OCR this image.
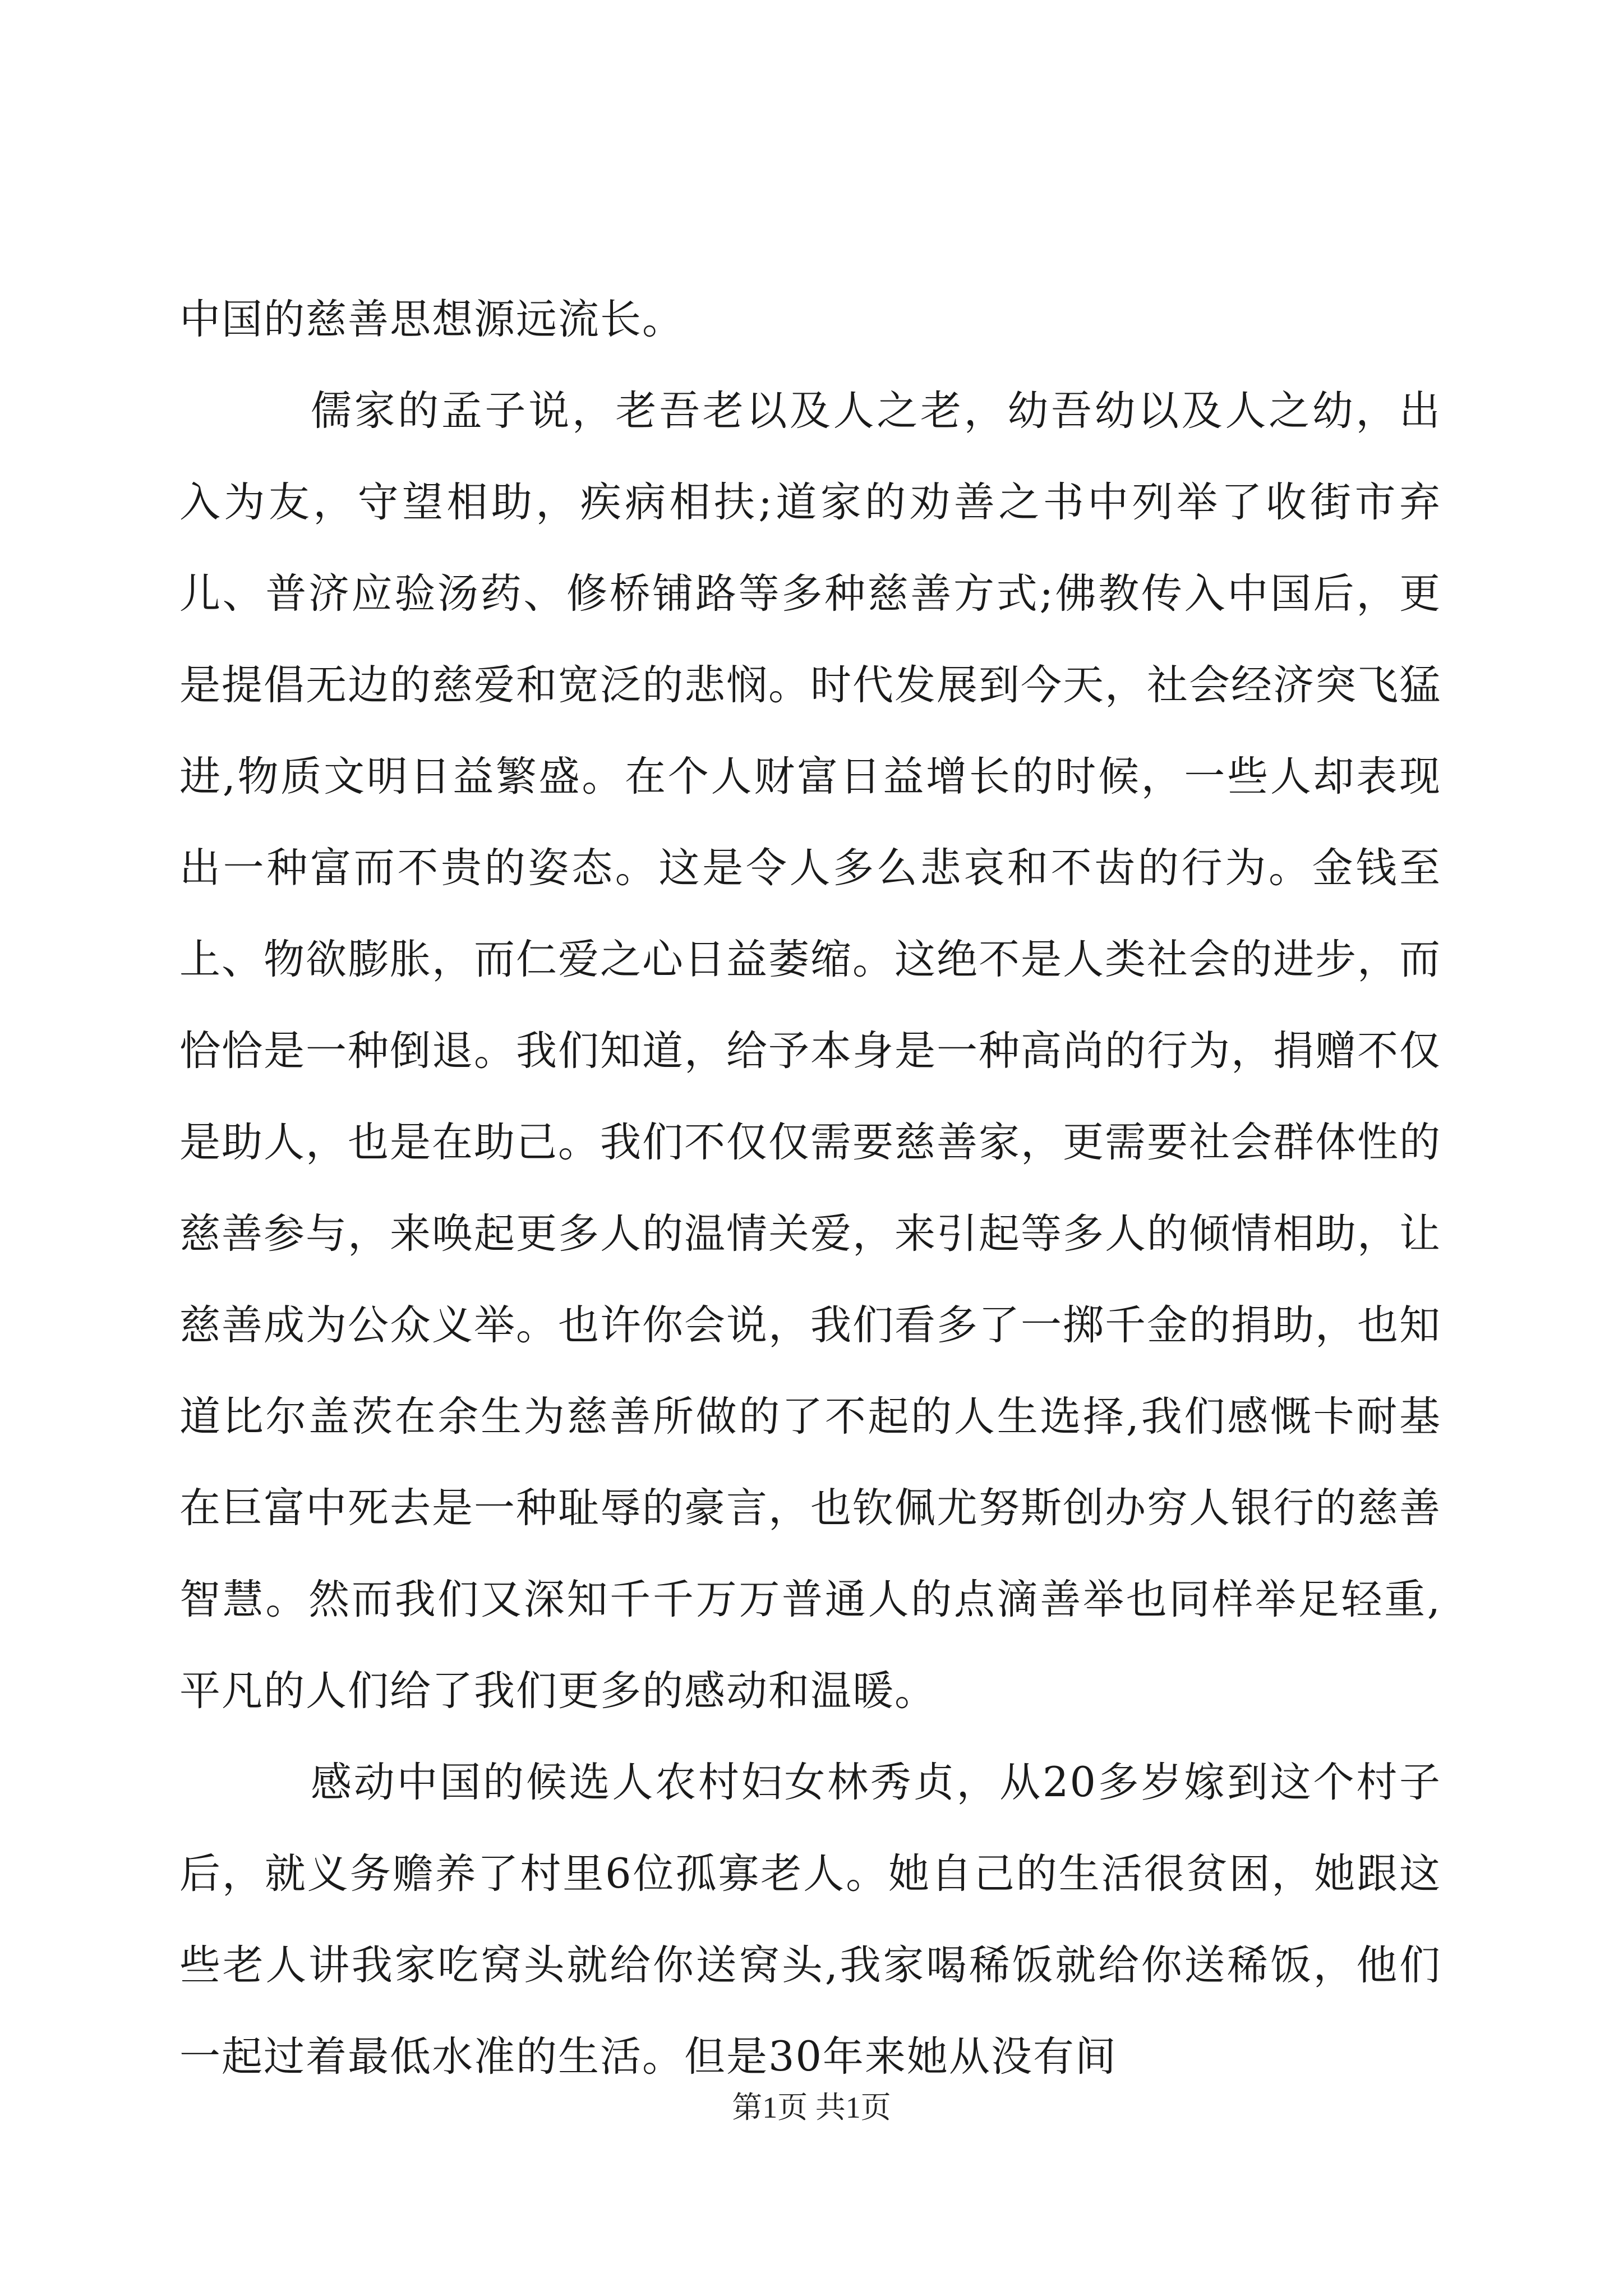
中国的慈善思想源远流长。

儒家的孟子说，老吾老以及人之老，幼吾幼以及人之幼，出入为友，守望相助，疾病相扶;道家的劝善之书中列举了收街市弃儿、普济应验汤药、修桥铺路等多种慈善方式;佛教传入中国后，更是提倡无边的慈爱和宽泛的悲悯。时代发展到今天，社会经济突飞猛进,物质文明日益繁盛。在个人财富日益增长的时候，一些人却表现出一种富而不贵的姿态。这是令人多么悲哀和不齿的行为。金钱至上、物欲膨胀，而仁爱之心日益萎缩。这绝不是人类社会的进步，而恰恰是一种倒退。我们知道，给予本身是一种高尚的行为，捐赠不仅是助人，也是在助己。我们不仅仅需要慈善家，更需要社会群体性的慈善参与，来唤起更多人的温情关爱，来引起等多人的倾情相助，让慈善成为公众义举。也许你会说，我们看多了一掷千金的捐助，也知道比尔盖茨在余生为慈善所做的了不起的人生选择,我们感慨卡耐基在巨富中死去是一种耻辱的豪言，也钦佩尤努斯创办穷人银行的慈善智慧。然而我们又深知千千万万普通人的点滴善举也同样举足轻重,平凡的人们给了我们更多的感动和温暖。

感动中国的候选人农村妇女林秀贞，从20多岁嫁到这个村子后，就义务赡养了村里6位孤寡老人。她自己的生活很贫困，她跟这些老人讲我家吃窝头就给你送窝头,我家喝稀饭就给你送稀饭，他们一起过着最低水准的生活。但是30年来她从没有间

第1页 共1页
